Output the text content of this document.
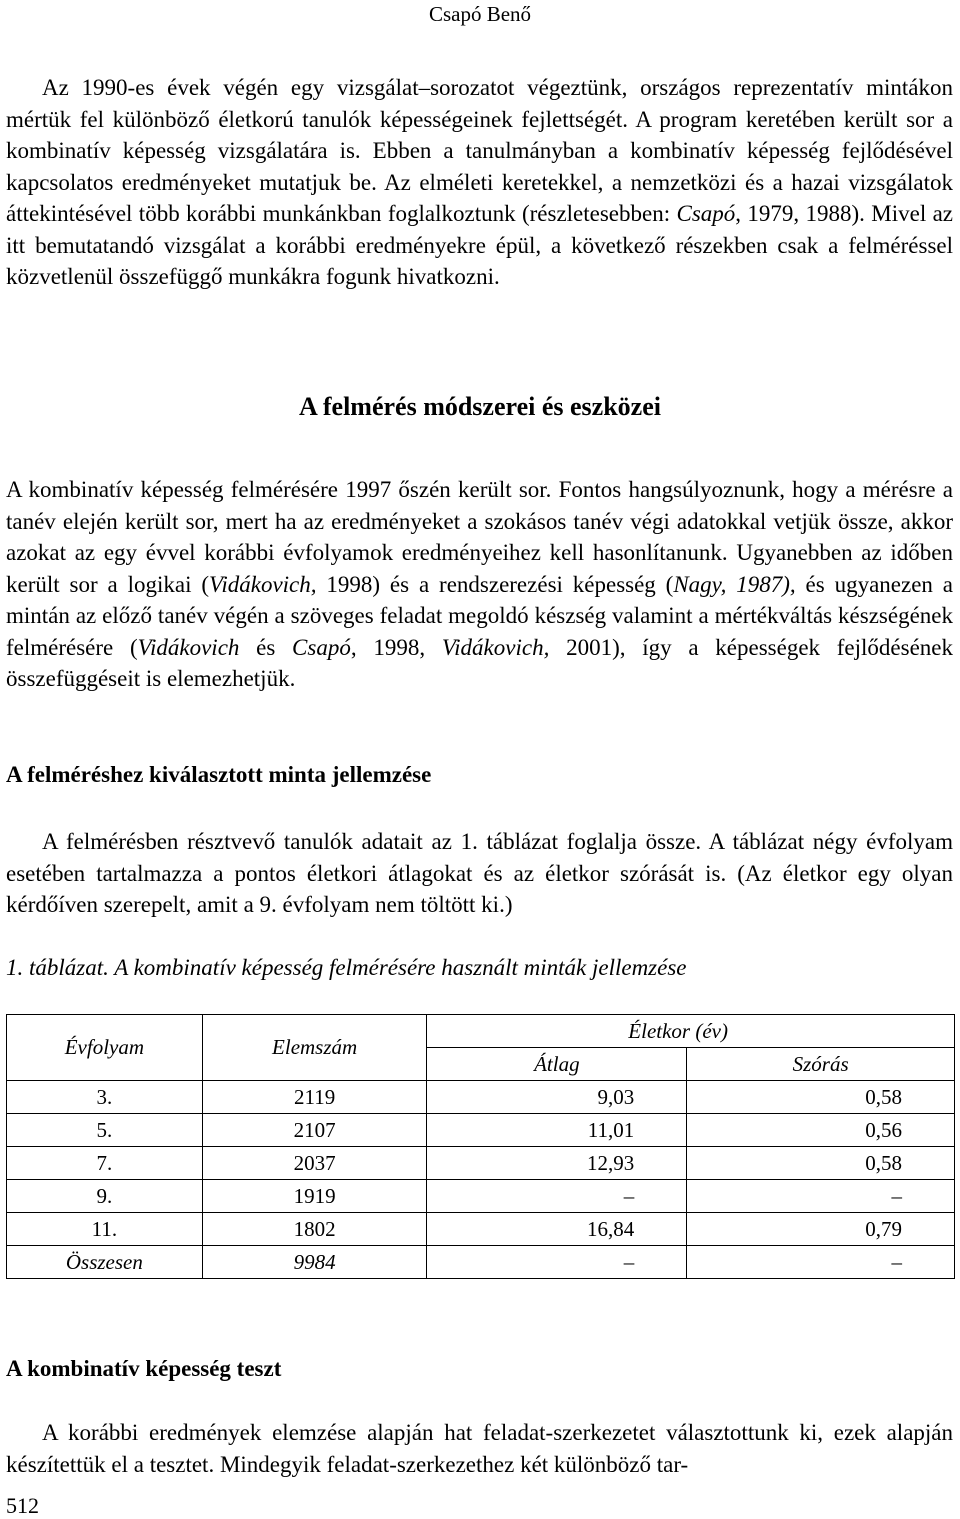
Csapó Benő
Az 1990-es évek végén egy vizsgálat–sorozatot végeztünk, országos reprezentatív mintákon mértük fel különböző életkorú tanulók képességeinek fejlettségét. A program keretében került sor a kombinatív képesség vizsgálatára is. Ebben a tanulmányban a kombinatív képesség fejlődésével kapcsolatos eredményeket mutatjuk be. Az elméleti keretekkel, a nemzetközi és a hazai vizsgálatok áttekintésével több korábbi munkánkban foglalkoztunk (részletesebben: Csapó, 1979, 1988). Mivel az itt bemutatandó vizsgálat a korábbi eredményekre épül, a következő részekben csak a felméréssel közvetlenül összefüggő munkákra fogunk hivatkozni.
A felmérés módszerei és eszközei
A kombinatív képesség felmérésére 1997 őszén került sor. Fontos hangsúlyoznunk, hogy a mérésre a tanév elején került sor, mert ha az eredményeket a szokásos tanév végi adatokkal vetjük össze, akkor azokat az egy évvel korábbi évfolyamok eredményeihez kell hasonlítanunk. Ugyanebben az időben került sor a logikai (Vidákovich, 1998) és a rendszerezési képesség (Nagy, 1987), és ugyanezen a mintán az előző tanév végén a szöveges feladat megoldó készség valamint a mértékváltás készségének felmérésére (Vidákovich és Csapó, 1998, Vidákovich, 2001), így a képességek fejlődésének összefüggéseit is elemezhetjük.
A felméréshez kiválasztott minta jellemzése
A felmérésben résztvevő tanulók adatait az 1. táblázat foglalja össze. A táblázat négy évfolyam esetében tartalmazza a pontos életkori átlagokat és az életkor szórását is. (Az életkor egy olyan kérdőíven szerepelt, amit a 9. évfolyam nem töltött ki.)
1. táblázat. A kombinatív képesség felmérésére használt minták jellemzése
Évfolyam	Elemszám	Életkor (év)	
		Átlag	Szórás
3.	2119	9,03	0,58
5.	2107	11,01	0,56
7.	2037	12,93	0,58
9.	1919	–	–
11.	1802	16,84	0,79
Összesen	9984	–	–
A kombinatív képesség teszt
A korábbi eredmények elemzése alapján hat feladat-szerkezetet választottunk ki, ezek alapján készítettük el a tesztet. Mindegyik feladat-szerkezethez két különböző tar-
512
